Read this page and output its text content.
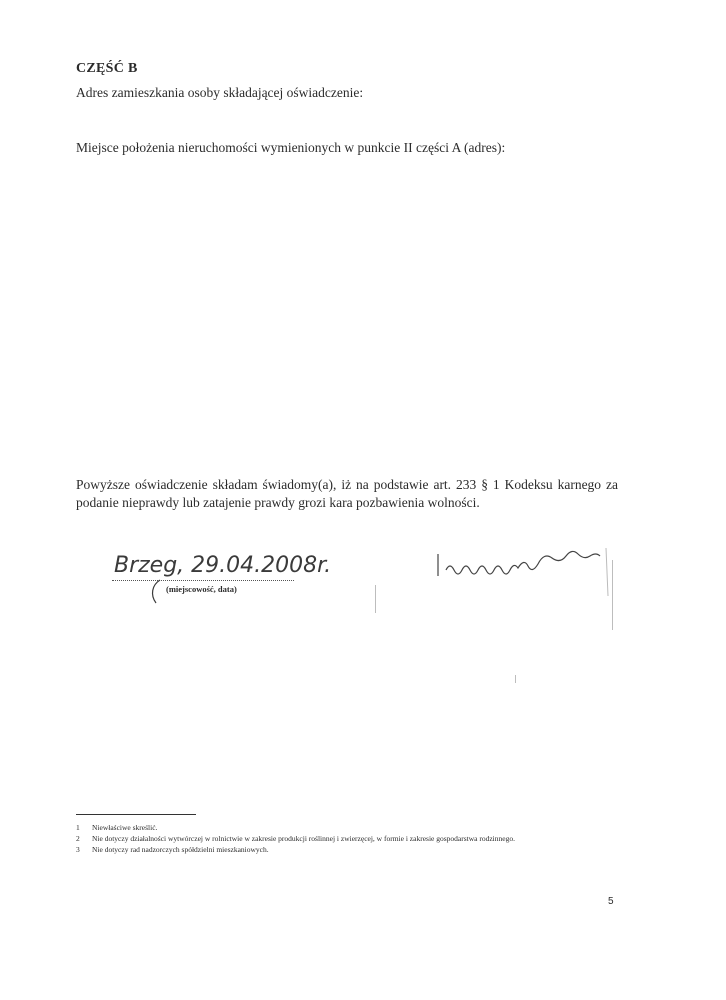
CZĘŚĆ B
Adres zamieszkania osoby składającej oświadczenie:
Miejsce położenia nieruchomości wymienionych w punkcie II części A (adres):
Powyższe oświadczenie składam świadomy(a), iż na podstawie art. 233 § 1 Kodeksu karnego za podanie nieprawdy lub zatajenie prawdy grozi kara pozbawienia wolności.
Brzeg, 29.04.2008r.
(miejscowość, data)
1	Niewłaściwe skreślić.
2	Nie dotyczy działalności wytwórczej w rolnictwie w zakresie produkcji roślinnej i zwierzęcej, w formie i zakresie gospodarstwa rodzinnego.
3	Nie dotyczy rad nadzorczych spółdzielni mieszkaniowych.
5
